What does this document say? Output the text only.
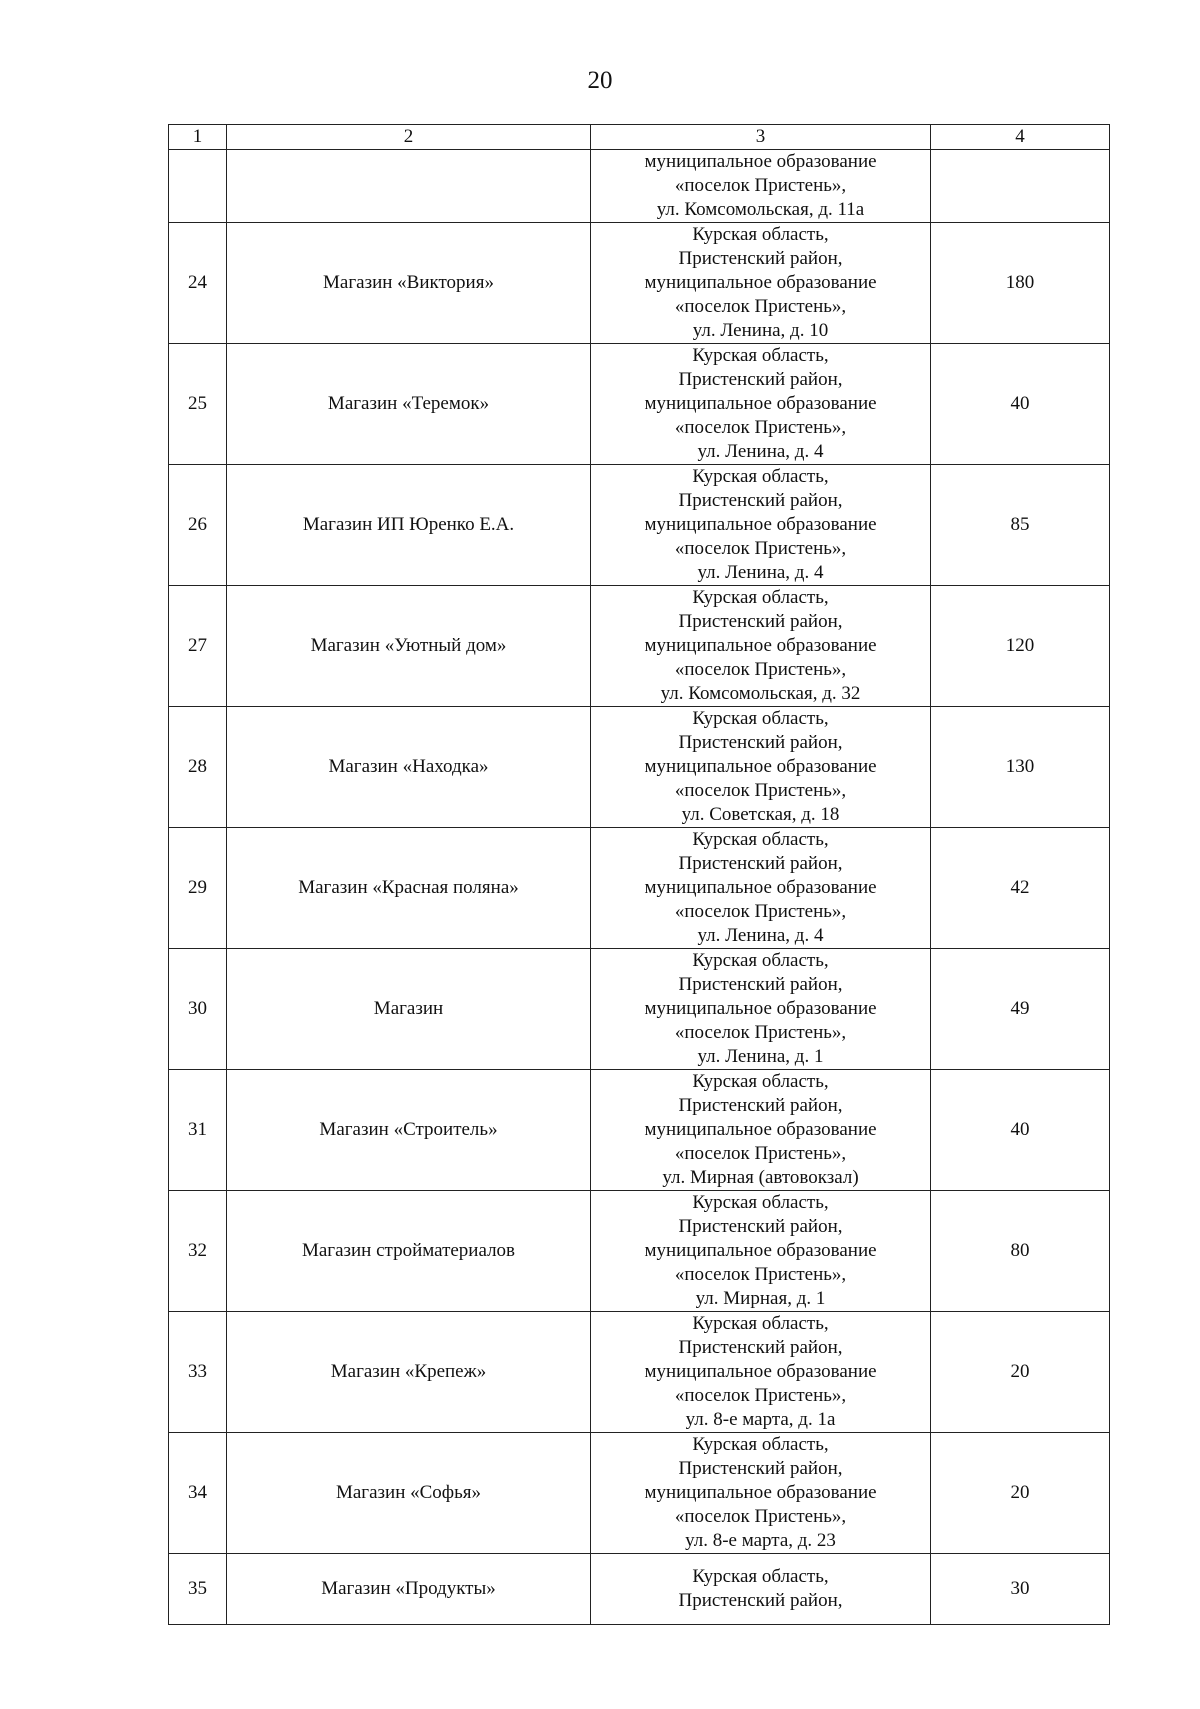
20
1	2	3	4

		муниципальное образование
«поселок Пристень»,
ул. Комсомольская, д. 11а	

24	Магазин «Виктория»	Курская область,
Пристенский район,
муниципальное образование
«поселок Пристень»,
ул. Ленина, д. 10	180
25	Магазин «Теремок»	Курская область,
Пристенский район,
муниципальное образование
«поселок Пристень»,
ул. Ленина, д. 4	40
26	Магазин ИП Юренко Е.А.	Курская область,
Пристенский район,
муниципальное образование
«поселок Пристень»,
ул. Ленина, д. 4	85
27	Магазин «Уютный дом»	Курская область,
Пристенский район,
муниципальное образование
«поселок Пристень»,
ул. Комсомольская, д. 32	120
28	Магазин «Находка»	Курская область,
Пристенский район,
муниципальное образование
«поселок Пристень»,
ул. Советская, д. 18	130
29	Магазин «Красная поляна»	Курская область,
Пристенский район,
муниципальное образование
«поселок Пристень»,
ул. Ленина, д. 4	42
30	Магазин	Курская область,
Пристенский район,
муниципальное образование
«поселок Пристень»,
ул. Ленина, д. 1	49
31	Магазин «Строитель»	Курская область,
Пристенский район,
муниципальное образование
«поселок Пристень»,
ул. Мирная (автовокзал)	40
32	Магазин стройматериалов	Курская область,
Пристенский район,
муниципальное образование
«поселок Пристень»,
ул. Мирная, д. 1	80
33	Магазин «Крепеж»	Курская область,
Пристенский район,
муниципальное образование
«поселок Пристень»,
ул. 8-е марта, д. 1а	20
34	Магазин «Софья»	Курская область,
Пристенский район,
муниципальное образование
«поселок Пристень»,
ул. 8-е марта, д. 23	20
35	Магазин «Продукты»	Курская область,
Пристенский район,	30
